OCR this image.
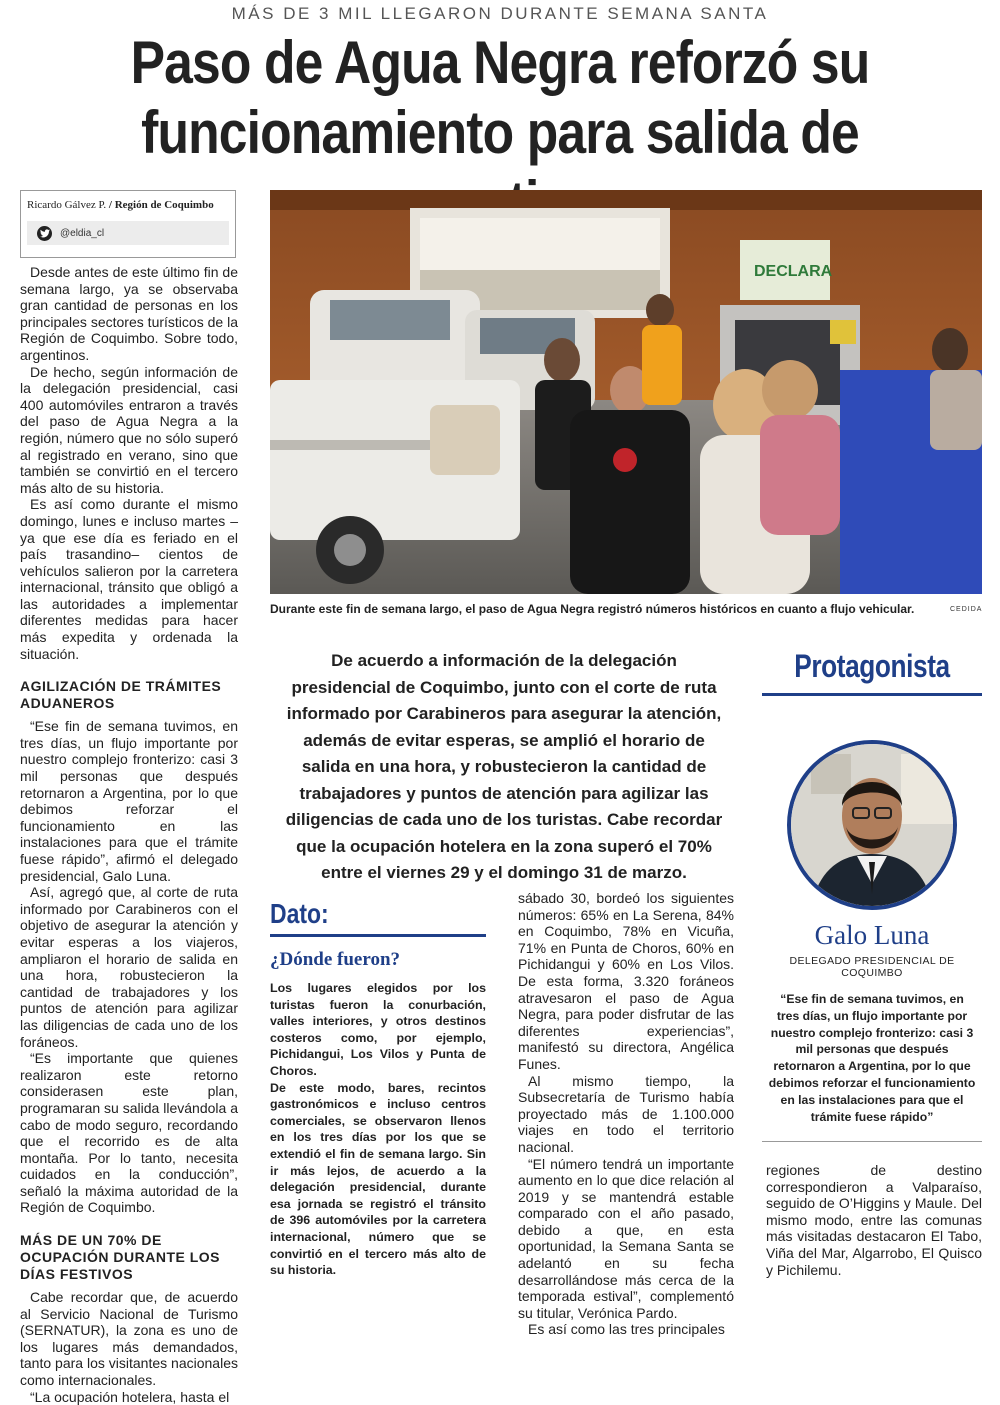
MÁS DE 3 MIL LLEGARON DURANTE SEMANA SANTA
Paso de Agua Negra reforzó su funcionamiento para salida de
Ricardo Gálvez P. / Región de Coquimbo
@eldia_cl

Desde antes de este último fin de semana largo, ya se observaba gran cantidad de personas en los principales sectores turísticos de la Región de Coquimbo. Sobre todo, argentinos.

De hecho, según información de la delegación presidencial, casi 400 automóviles entraron a través del paso de Agua Negra a la región, número que no sólo superó al registrado en verano, sino que también se convirtió en el tercero más alto de su historia.

Es así como durante el mismo domingo, lunes e incluso martes – ya que ese día es feriado en el país trasandino– cientos de vehículos salieron por la carretera internacional, tránsito que obligó a las autoridades a implementar diferentes medidas para hacer más expedita y ordenada la situación.

AGILIZACIÓN DE TRÁMITES ADUANEROS

“Ese fin de semana tuvimos, en tres días, un flujo importante por nuestro complejo fronterizo: casi 3 mil personas que después retornaron a Argentina, por lo que debimos reforzar el funcionamiento en las instalaciones para que el trámite fuese rápido”, afirmó el delegado presidencial, Galo Luna.

Así, agregó que, al corte de ruta informado por Carabineros con el objetivo de asegurar la atención y evitar esperas a los viajeros, ampliaron el horario de salida en una hora, robustecieron la cantidad de trabajadores y los puntos de atención para agilizar las diligencias de cada uno de los foráneos.

“Es importante que quienes realizaron este retorno considerasen este plan, programaran su salida llevándola a cabo de modo seguro, recordando que el recorrido es de alta montaña. Por lo tanto, necesita cuidados en la conducción”, señaló la máxima autoridad de la Región de Coquimbo.

MÁS DE UN 70% DE OCUPACIÓN DURANTE LOS DÍAS FESTIVOS

Cabe recordar que, de acuerdo al Servicio Nacional de Turismo (SERNATUR), la zona es uno de los lugares más demandados, tanto para los visitantes nacionales como internacionales.

“La ocupación hotelera, hasta el

DECLARA
Durante este fin de semana largo, el paso de Agua Negra registró números históricos en cuanto a flujo vehicular.	CEDIDA
De acuerdo a información de la delegación presidencial de Coquimbo, junto con el corte de ruta informado por Carabineros para asegurar la atención, además de evitar esperas, se amplió el horario de salida en una hora, y robustecieron la cantidad de trabajadores y puntos de atención para agilizar las diligencias de cada uno de los turistas. Cabe recordar que la ocupación hotelera en la zona superó el 70% entre el viernes 29 y el domingo 31 de marzo.
Protagonista
Galo Luna
DELEGADO PRESIDENCIAL DE COQUIMBO
“Ese fin de semana tuvimos, en tres días, un flujo importante por nuestro complejo fronterizo: casi 3 mil personas que después retornaron a Argentina, por lo que debimos reforzar el funcionamiento en las instalaciones para que el trámite fuese rápido”
Dato:
¿Dónde fueron?

Los lugares elegidos por los turistas fueron la conurbación, valles interiores, y otros destinos costeros como, por ejemplo, Pichidangui, Los Vilos y Punta de Choros.

De este modo, bares, recintos gastronómicos e incluso centros comerciales, se observaron llenos en los tres días por los que se extendió el fin de semana largo. Sin ir más lejos, de acuerdo a la delegación presidencial, durante esa jornada se registró el tránsito de 396 automóviles por la carretera internacional, número que se convirtió en el tercero más alto de su historia.

sábado 30, bordeó los siguientes números: 65% en La Serena, 84% en Coquimbo, 78% en Vicuña, 71% en Punta de Choros, 60% en Pichidangui y 60% en Los Vilos. De esta forma, 3.320 foráneos atravesaron el paso de Agua Negra, para poder disfrutar de las diferentes experiencias”, manifestó su directora, Angélica Funes.

Al mismo tiempo, la Subsecretaría de Turismo había proyectado más de 1.100.000 viajes en todo el territorio nacional.

“El número tendrá un importante aumento en lo que dice relación al 2019 y se mantendrá estable comparado con el año pasado, debido a que, en esta oportunidad, la Semana Santa se adelantó en su fecha desarrollándose más cerca de la temporada estival”, complementó su titular, Verónica Pardo.

Es así como las tres principales

regiones de destino correspondieron a Valparaíso, seguido de O’Higgins y Maule. Del mismo modo, entre las comunas más visitadas destacaron El Tabo, Viña del Mar, Algarrobo, El Quisco y Pichilemu.
